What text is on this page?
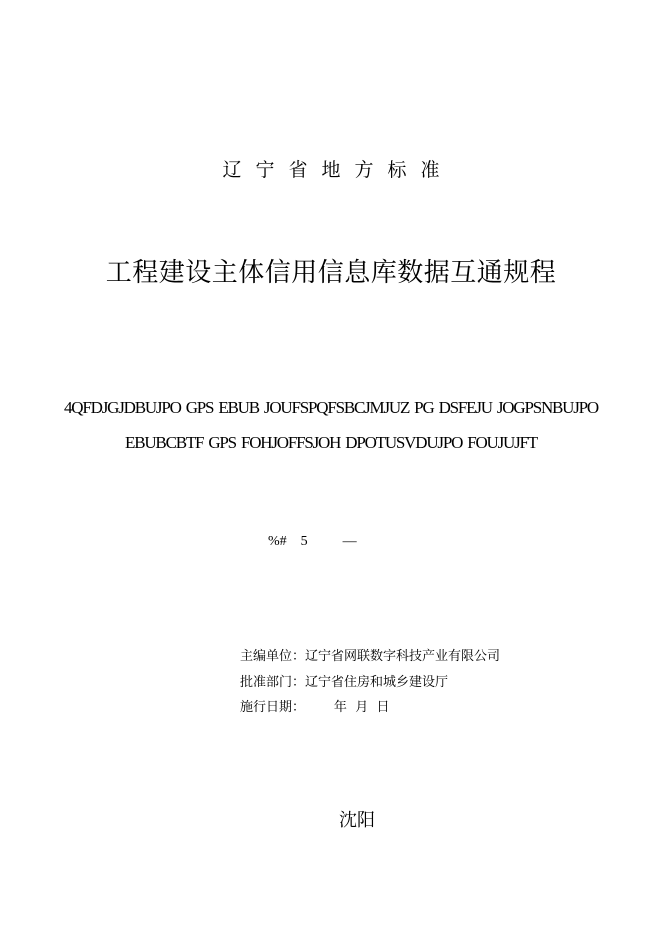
辽宁省地方标准
工程建设主体信用信息库数据互通规程
4QFDJGJDBUJPO GPS EBUB JOUFSPQFSBCJMJUZ PG DSFEJU JOGPSNBUJPO
EBUBCBTF GPS FOHJOFFSJOH DPOTUSVDUJPO FOUJUJFT
%#    5          —
主编单位：辽宁省网联数字科技产业有限公司
批准部门：辽宁省住房和城乡建设厅
施行日期：       年  月  日
沈阳
